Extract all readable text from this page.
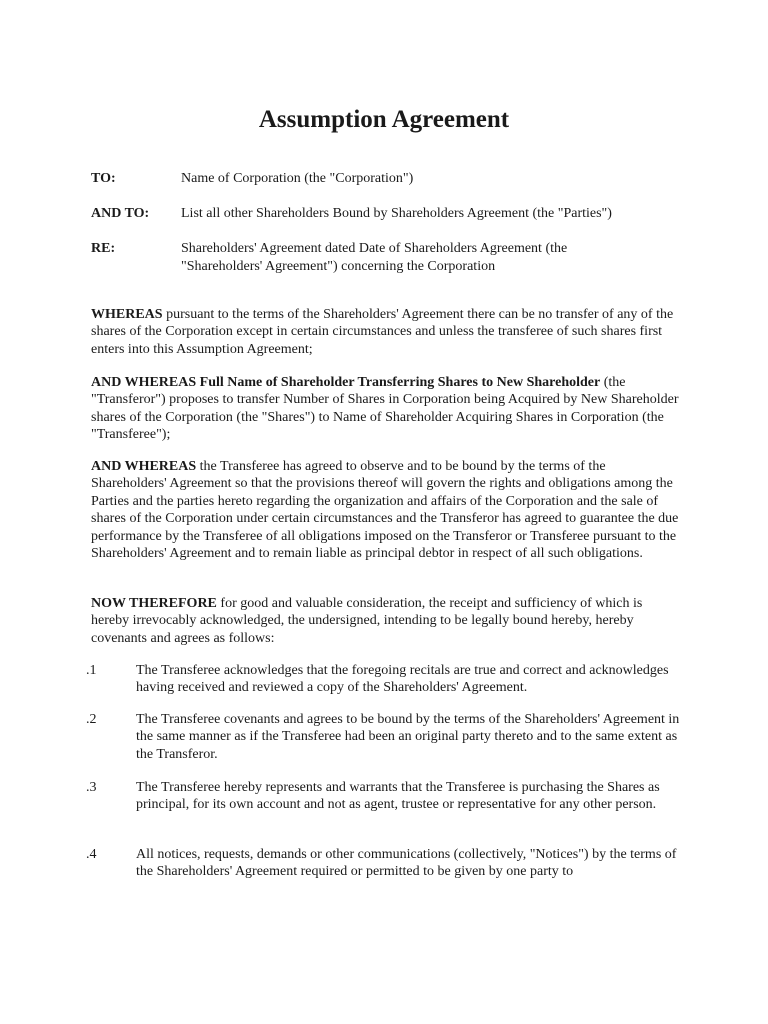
Assumption Agreement
TO:	Name of Corporation (the "Corporation")
AND TO: List all other Shareholders Bound by Shareholders Agreement (the "Parties")
RE:	Shareholders' Agreement dated Date of Shareholders Agreement (the "Shareholders' Agreement") concerning the Corporation

WHEREAS pursuant to the terms of the Shareholders' Agreement there can be no transfer of any of the shares of the Corporation except in certain circumstances and unless the transferee of such shares first enters into this Assumption Agreement;

AND WHEREAS Full Name of Shareholder Transferring Shares to New Shareholder (the "Transferor") proposes to transfer Number of Shares in Corporation being Acquired by New Shareholder shares of the Corporation (the "Shares") to Name of Shareholder Acquiring Shares in Corporation (the "Transferee");

AND WHEREAS the Transferee has agreed to observe and to be bound by the terms of the Shareholders' Agreement so that the provisions thereof will govern the rights and obligations among the Parties and the parties hereto regarding the organization and affairs of the Corporation and the sale of shares of the Corporation under certain circumstances and the Transferor has agreed to guarantee the due performance by the Transferee of all obligations imposed on the Transferor or Transferee pursuant to the Shareholders' Agreement and to remain liable as principal debtor in respect of all such obligations.

NOW THEREFORE for good and valuable consideration, the receipt and sufficiency of which is hereby irrevocably acknowledged, the undersigned, intending to be legally bound hereby, hereby covenants and agrees as follows:

.1	The Transferee acknowledges that the foregoing recitals are true and correct and acknowledges having received and reviewed a copy of the Shareholders' Agreement.
.2	The Transferee covenants and agrees to be bound by the terms of the Shareholders' Agreement in the same manner as if the Transferee had been an original party thereto and to the same extent as the Transferor.
.3	The Transferee hereby represents and warrants that the Transferee is purchasing the Shares as principal, for its own account and not as agent, trustee or representative for any other person.
.4	All notices, requests, demands or other communications (collectively, "Notices") by the terms of the Shareholders' Agreement required or permitted to be given by one party to
